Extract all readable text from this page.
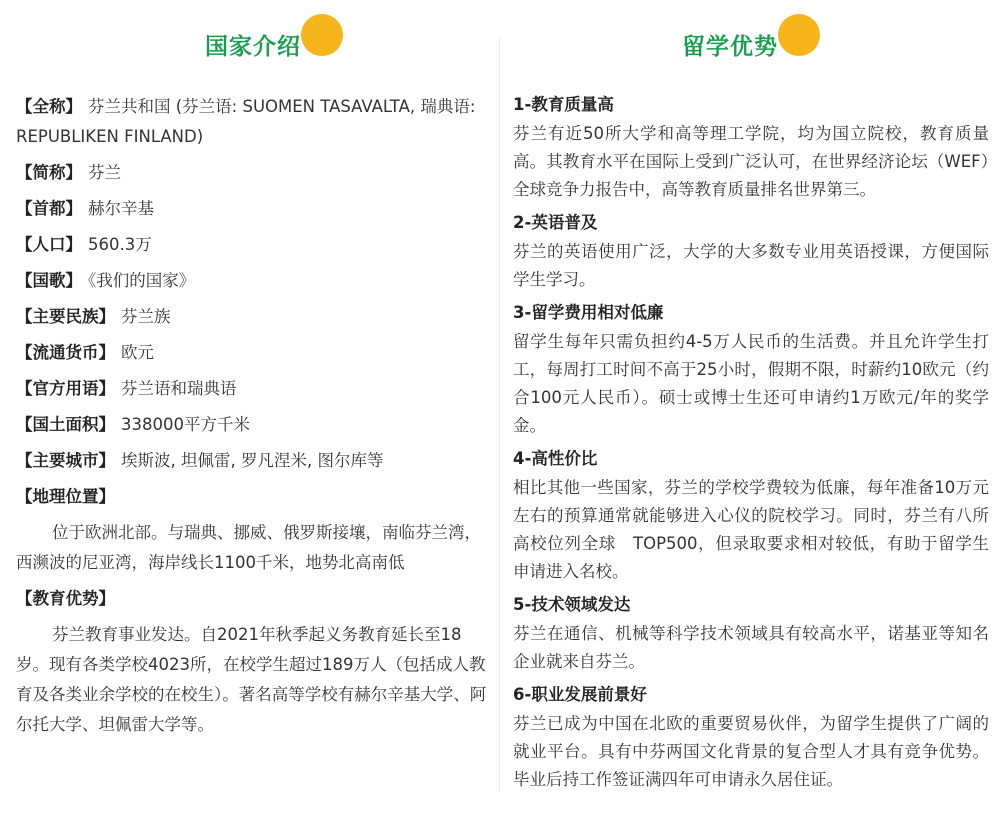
国家介绍
【全称】 芬兰共和国 (芬兰语: SUOMEN TASAVALTA, 瑞典语: REPUBLIKEN FINLAND)
【简称】 芬兰
【首都】 赫尔辛基
【人口】 560.3万
【国歌】 《我们的国家》
【主要民族】 芬兰族
【流通货币】 欧元
【官方用语】 芬兰语和瑞典语
【国土面积】 338000平方千米
【主要城市】 埃斯波, 坦佩雷, 罗凡涅米, 图尔库等
【地理位置】
位于欧洲北部。与瑞典、挪威、俄罗斯接壤，南临芬兰湾，西濒波的尼亚湾，海岸线长1100千米，地势北高南低
【教育优势】
芬兰教育事业发达。自2021年秋季起义务教育延长至18岁。现有各类学校4023所，在校学生超过189万人（包括成人教育及各类业余学校的在校生）。著名高等学校有赫尔辛基大学、阿尔托大学、坦佩雷大学等。
留学优势
1-教育质量高
芬兰有近50所大学和高等理工学院，均为国立院校，教育质量高。其教育水平在国际上受到广泛认可，在世界经济论坛（WEF）全球竞争力报告中，高等教育质量排名世界第三。
2-英语普及
芬兰的英语使用广泛，大学的大多数专业用英语授课，方便国际学生学习。
3-留学费用相对低廉
留学生每年只需负担约4-5万人民币的生活费。并且允许学生打工，每周打工时间不高于25小时，假期不限，时薪约10欧元（约合100元人民币）。硕士或博士生还可申请约1万欧元/年的奖学金。
4-高性价比
相比其他一些国家，芬兰的学校学费较为低廉，每年准备10万元左右的预算通常就能够进入心仪的院校学习。同时，芬兰有八所高校位列全球　TOP500，但录取要求相对较低，有助于留学生申请进入名校。
5-技术领域发达
芬兰在通信、机械等科学技术领域具有较高水平，诺基亚等知名企业就来自芬兰。
6-职业发展前景好
芬兰已成为中国在北欧的重要贸易伙伴，为留学生提供了广阔的就业平台。具有中芬两国文化背景的复合型人才具有竞争优势。毕业后持工作签证满四年可申请永久居住证。
